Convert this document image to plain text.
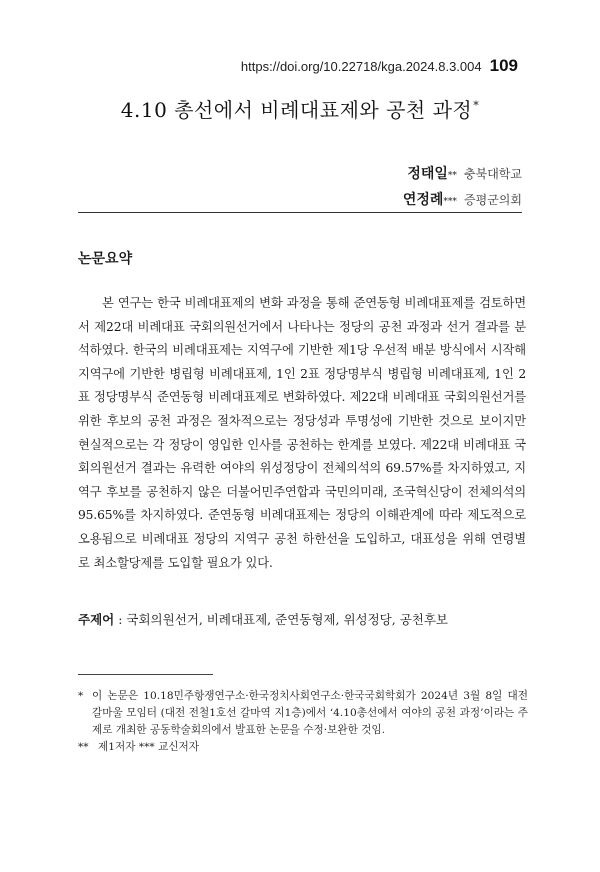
https://doi.org/10.22718/kga.2024.8.3.004 109
4.10 총선에서 비례대표제와 공천 과정*
정태일** 충북대학교
연정례*** 증평군의회
논문요약

본 연구는 한국 비례대표제의 변화 과정을 통해 준연동형 비례대표제를 검토하면서 제22대 비례대표 국회의원선거에서 나타나는 정당의 공천 과정과 선거 결과를 분석하였다. 한국의 비례대표제는 지역구에 기반한 제1당 우선적 배분 방식에서 시작해 지역구에 기반한 병립형 비례대표제, 1인 2표 정당명부식 병립형 비례대표제, 1인 2표 정당명부식 준연동형 비례대표제로 변화하였다. 제22대 비례대표 국회의원선거를 위한 후보의 공천 과정은 절차적으로는 정당성과 투명성에 기반한 것으로 보이지만 현실적으로는 각 정당이 영입한 인사를 공천하는 한계를 보였다. 제22대 비례대표 국회의원선거 결과는 유력한 여야의 위성정당이 전체의석의 69.57%를 차지하였고, 지역구 후보를 공천하지 않은 더불어민주연합과 국민의미래, 조국혁신당이 전체의석의 95.65%를 차지하였다. 준연동형 비례대표제는 정당의 이해관계에 따라 제도적으로 오용됨으로 비례대표 정당의 지역구 공천 하한선을 도입하고, 대표성을 위해 연령별로 최소할당제를 도입할 필요가 있다.

주제어 : 국회의원선거, 비례대표제, 준연동형제, 위성정당, 공천후보
* 이 논문은 10.18민주항쟁연구소·한국정치사회연구소·한국국회학회가 2024년 3월 8일 대전 갈마울 모임터 (대전 전철1호선 갈마역 지1층)에서 ‘4.10총선에서 여야의 공천 과정’이라는 주제로 개최한 공동학술회의에서 발표한 논문을 수정·보완한 것임.
** 제1저자 *** 교신저자
